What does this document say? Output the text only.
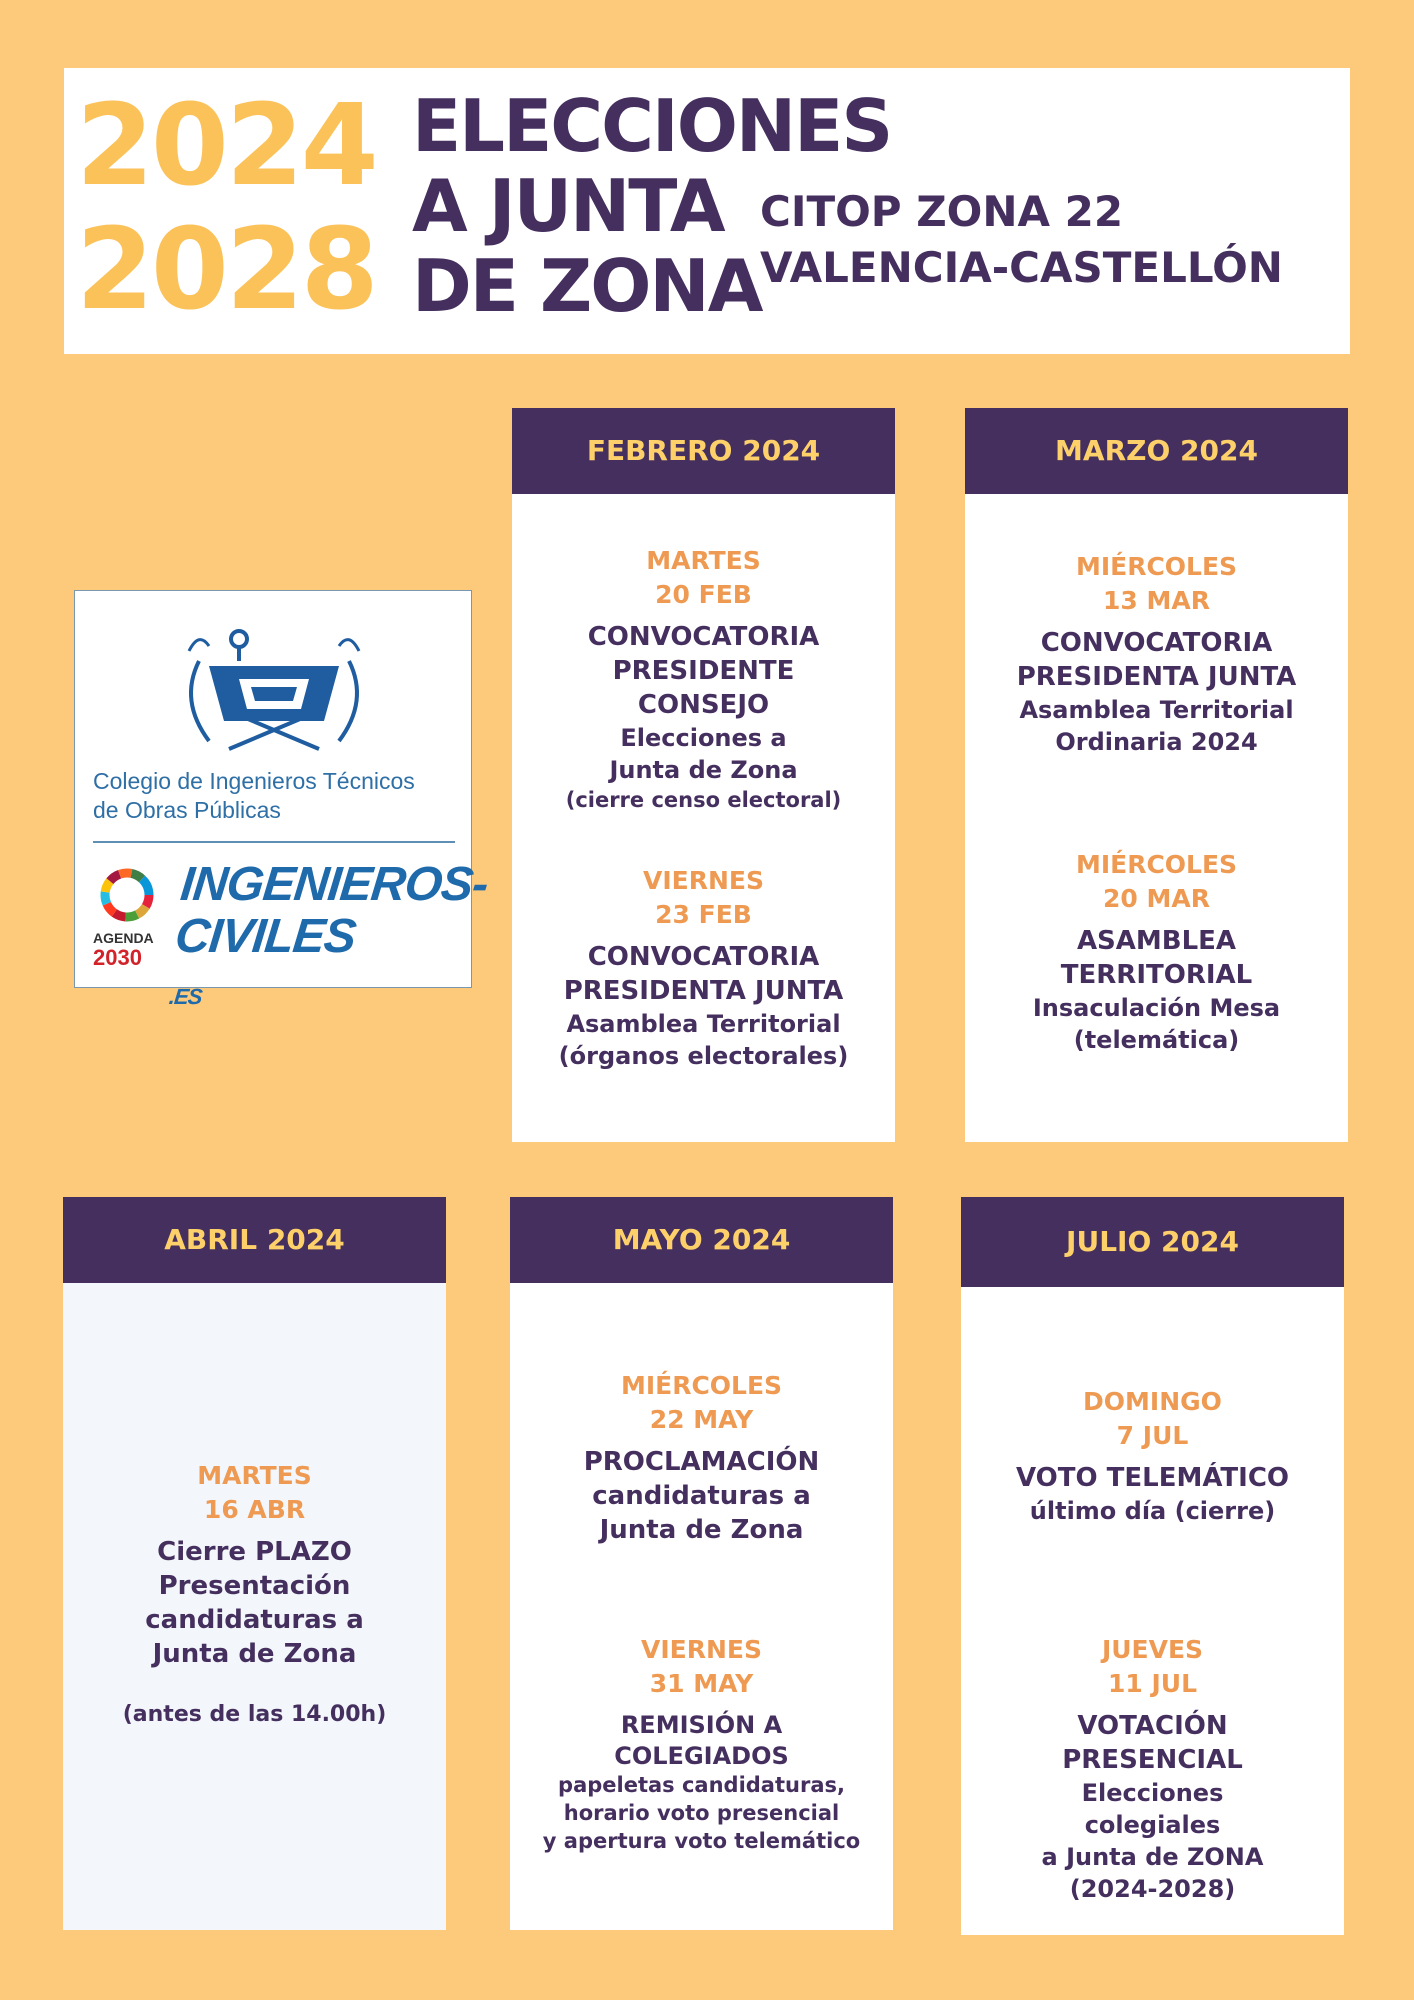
2024
2028
ELECCIONES
A JUNTA
DE ZONA
CITOP ZONA 22
VALENCIA-CASTELLÓN
Colegio de Ingenieros Técnicos
de Obras Públicas
AGENDA
2030
INGENIEROS-
CIVILES
.ES
FEBRERO 2024
MARTES
20 FEB
CONVOCATORIA
PRESIDENTE
CONSEJO
Elecciones a
Junta de Zona
(cierre censo electoral)
VIERNES
23 FEB
CONVOCATORIA
PRESIDENTA JUNTA
Asamblea Territorial
(órganos electorales)
MARZO 2024
MIÉRCOLES
13 MAR
CONVOCATORIA
PRESIDENTA JUNTA
Asamblea Territorial
Ordinaria 2024
MIÉRCOLES
20 MAR
ASAMBLEA
TERRITORIAL
Insaculación Mesa
(telemática)
ABRIL 2024
MARTES
16 ABR
Cierre PLAZO
Presentación
candidaturas a
Junta de Zona
(antes de las 14.00h)
MAYO 2024
MIÉRCOLES
22 MAY
PROCLAMACIÓN
candidaturas a
Junta de Zona
VIERNES
31 MAY
REMISIÓN A
COLEGIADOS
papeletas candidaturas,
horario voto presencial
y apertura voto telemático
JULIO 2024
DOMINGO
7 JUL
VOTO TELEMÁTICO
último día (cierre)
JUEVES
11 JUL
VOTACIÓN
PRESENCIAL
Elecciones
colegiales
a Junta de ZONA
(2024-2028)
